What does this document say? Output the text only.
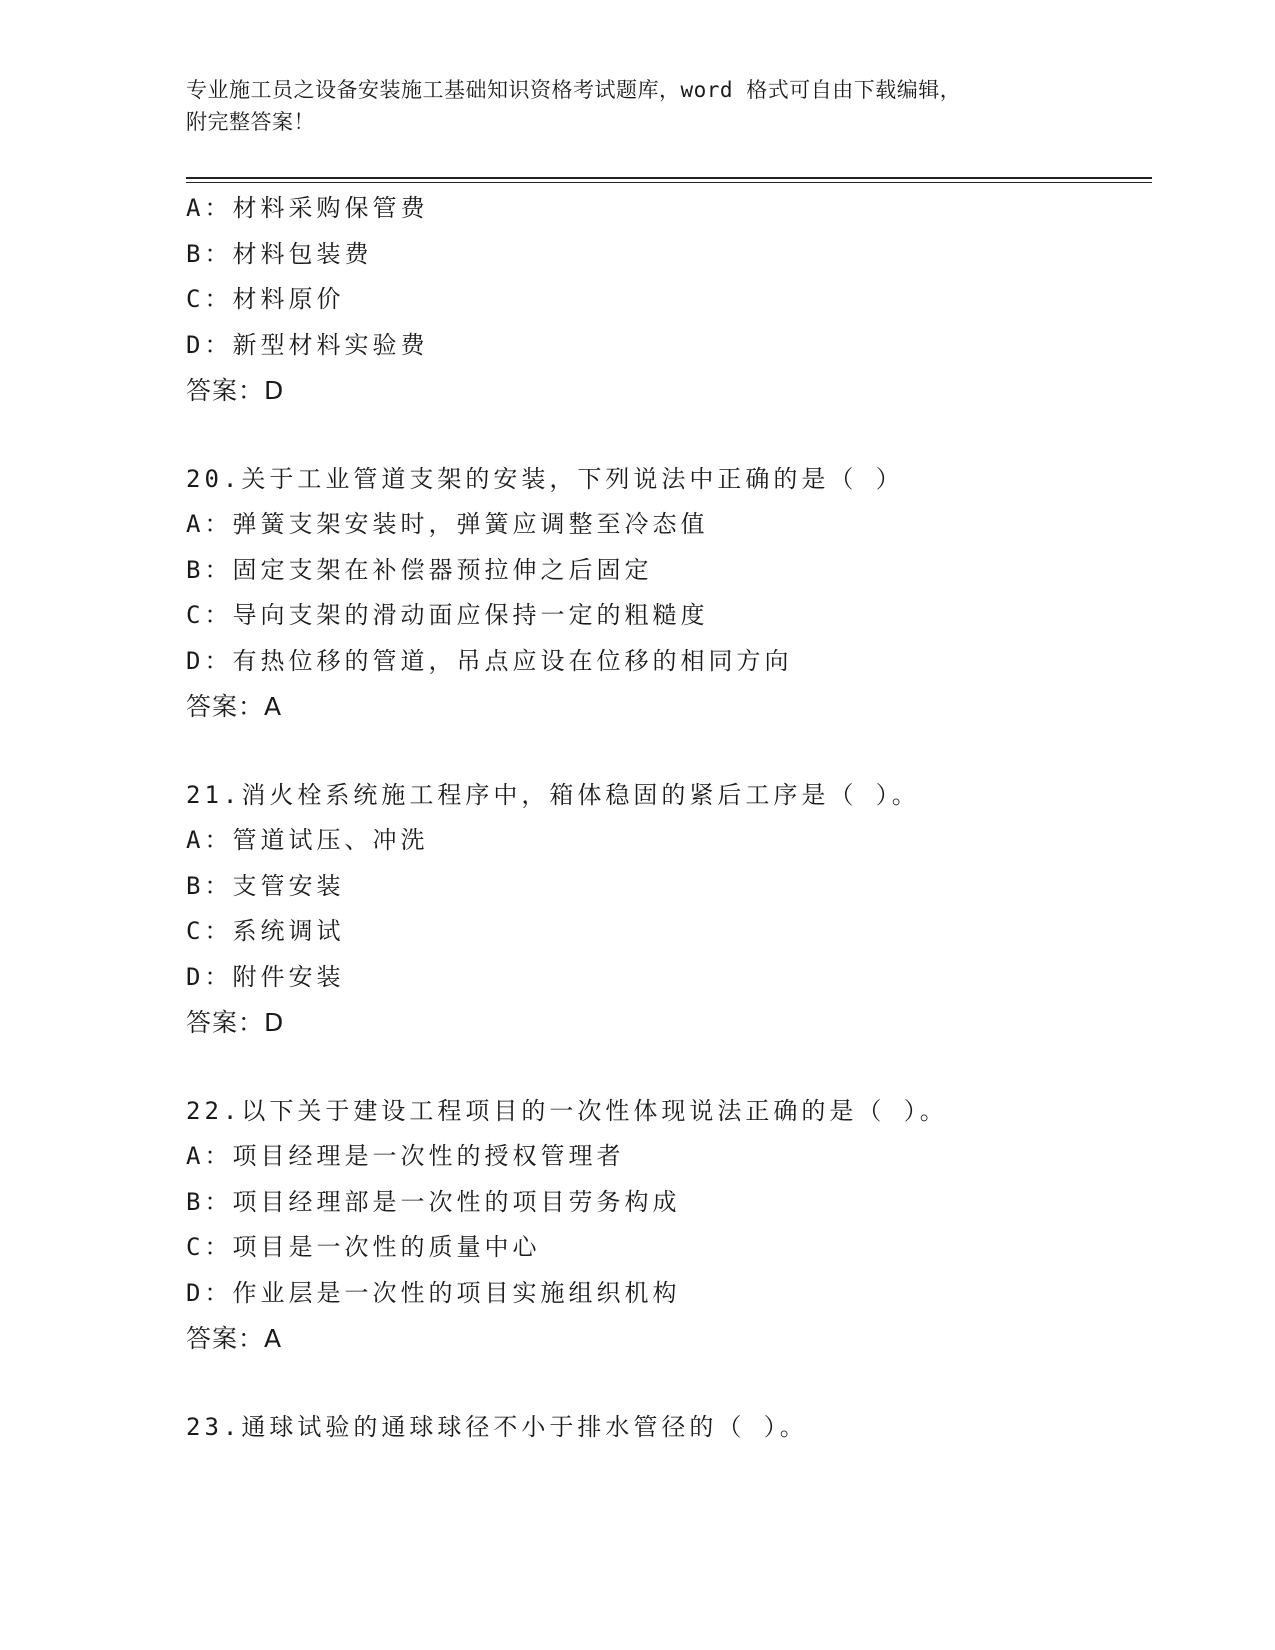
专业施工员之设备安装施工基础知识资格考试题库，word 格式可自由下载编辑，
附完整答案！
A：材料采购保管费
B：材料包装费
C：材料原价
D：新型材料实验费
答案：D
20.关于工业管道支架的安装，下列说法中正确的是（ ）
A：弹簧支架安装时，弹簧应调整至冷态值
B：固定支架在补偿器预拉伸之后固定
C：导向支架的滑动面应保持一定的粗糙度
D：有热位移的管道，吊点应设在位移的相同方向
答案：A
21.消火栓系统施工程序中，箱体稳固的紧后工序是（ ）。
A：管道试压、冲洗
B：支管安装
C：系统调试
D：附件安装
答案：D
22.以下关于建设工程项目的一次性体现说法正确的是（ ）。
A：项目经理是一次性的授权管理者
B：项目经理部是一次性的项目劳务构成
C：项目是一次性的质量中心
D：作业层是一次性的项目实施组织机构
答案：A
23.通球试验的通球球径不小于排水管径的（ ）。
